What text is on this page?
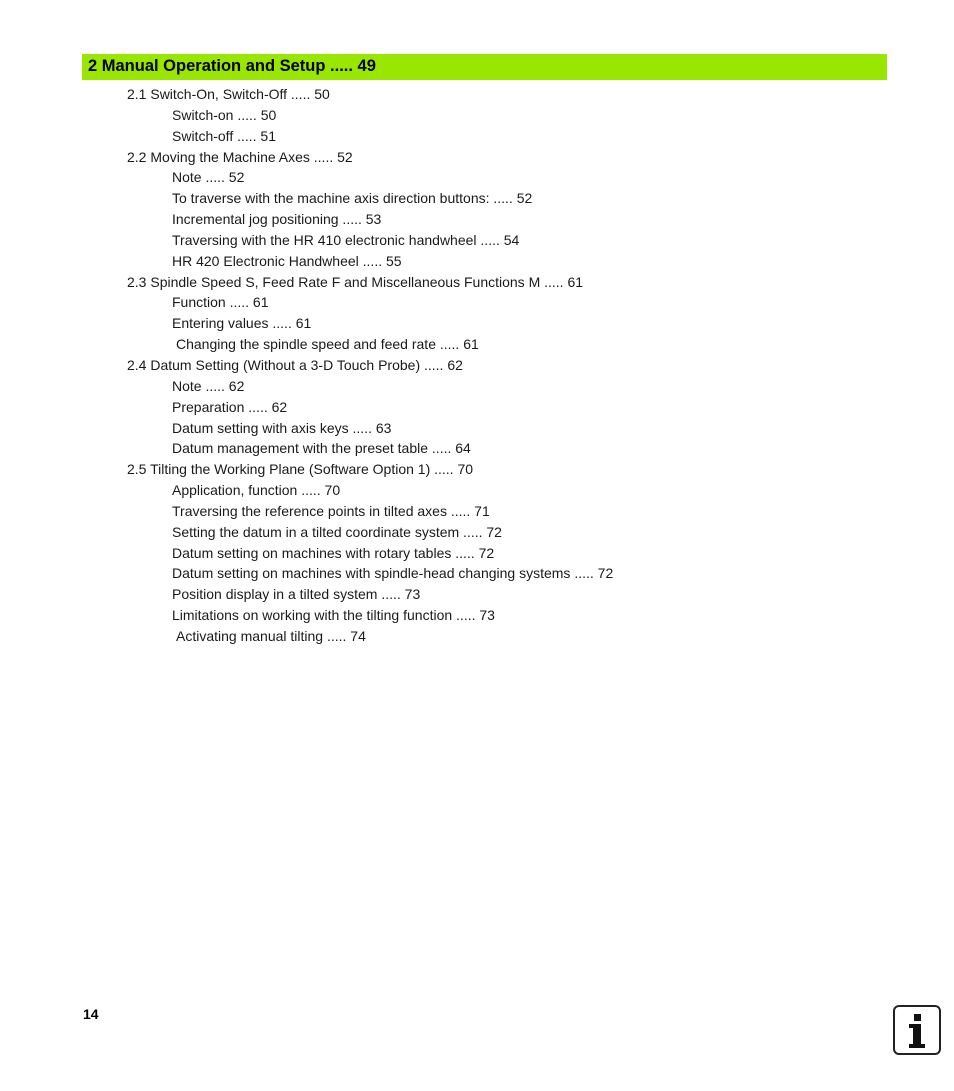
2 Manual Operation and Setup ..... 49
2.1 Switch-On, Switch-Off ..... 50
Switch-on ..... 50
Switch-off ..... 51
2.2 Moving the Machine Axes ..... 52
Note ..... 52
To traverse with the machine axis direction buttons: ..... 52
Incremental jog positioning ..... 53
Traversing with the HR 410 electronic handwheel ..... 54
HR 420 Electronic Handwheel ..... 55
2.3 Spindle Speed S, Feed Rate F and Miscellaneous Functions M ..... 61
Function ..... 61
Entering values ..... 61
Changing the spindle speed and feed rate ..... 61
2.4 Datum Setting (Without a 3-D Touch Probe) ..... 62
Note ..... 62
Preparation ..... 62
Datum setting with axis keys ..... 63
Datum management with the preset table ..... 64
2.5 Tilting the Working Plane (Software Option 1) ..... 70
Application, function ..... 70
Traversing the reference points in tilted axes ..... 71
Setting the datum in a tilted coordinate system ..... 72
Datum setting on machines with rotary tables ..... 72
Datum setting on machines with spindle-head changing systems ..... 72
Position display in a tilted system ..... 73
Limitations on working with the tilting function ..... 73
Activating manual tilting ..... 74
14
